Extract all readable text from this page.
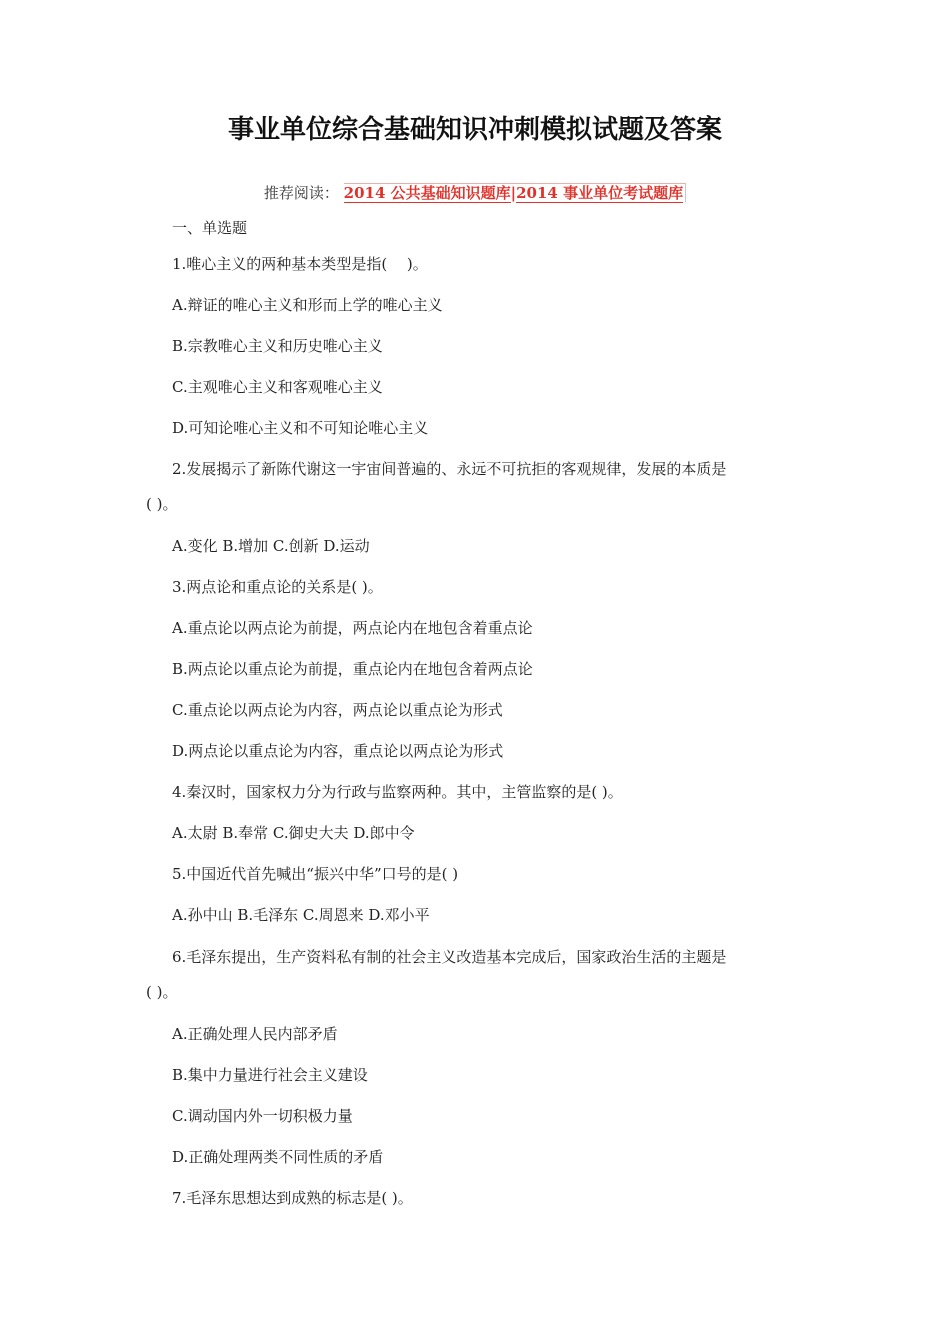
事业单位综合基础知识冲刺模拟试题及答案
推荐阅读： 2014 公共基础知识题库|2014 事业单位考试题库
一、单选题
1.唯心主义的两种基本类型是指(　 )。
A.辩证的唯心主义和形而上学的唯心主义
B.宗教唯心主义和历史唯心主义
C.主观唯心主义和客观唯心主义
D.可知论唯心主义和不可知论唯心主义
2.发展揭示了新陈代谢这一宇宙间普遍的、永远不可抗拒的客观规律，发展的本质是
( )。
A.变化 B.增加 C.创新 D.运动
3.两点论和重点论的关系是( )。
A.重点论以两点论为前提，两点论内在地包含着重点论
B.两点论以重点论为前提，重点论内在地包含着两点论
C.重点论以两点论为内容，两点论以重点论为形式
D.两点论以重点论为内容，重点论以两点论为形式
4.秦汉时，国家权力分为行政与监察两种。其中，主管监察的是( )。
A.太尉 B.奉常 C.御史大夫 D.郎中令
5.中国近代首先喊出“振兴中华”口号的是( )
A.孙中山 B.毛泽东 C.周恩来 D.邓小平
6.毛泽东提出，生产资料私有制的社会主义改造基本完成后，国家政治生活的主题是
( )。
A.正确处理人民内部矛盾
B.集中力量进行社会主义建设
C.调动国内外一切积极力量
D.正确处理两类不同性质的矛盾
7.毛泽东思想达到成熟的标志是( )。
